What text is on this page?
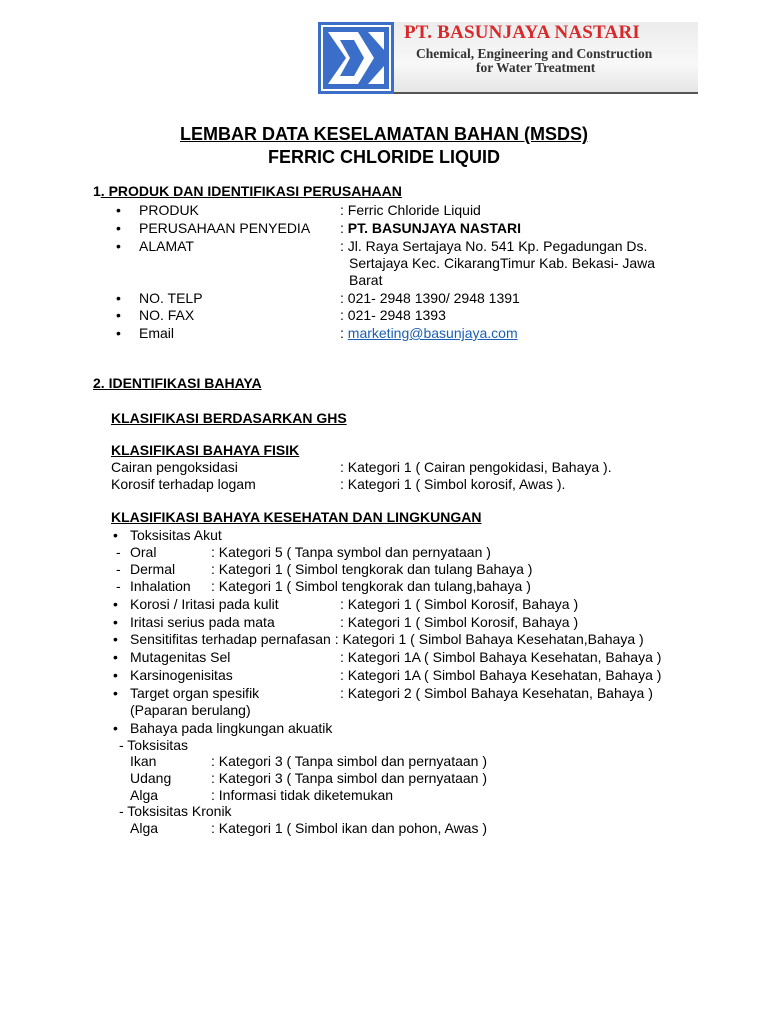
PT. BASUNJAYA NASTARI
Chemical, Engineering and Construction
for Water Treatment
LEMBAR DATA KESELAMATAN BAHAN (MSDS)
FERRIC CHLORIDE LIQUID
1. PRODUK DAN IDENTIFIKASI PERUSAHAAN
• PRODUK	: Ferric Chloride Liquid
• PERUSAHAAN PENYEDIA : PT. BASUNJAYA NASTARI
• ALAMAT	: Jl. Raya Sertajaya No. 541 Kp. Pegadungan Ds.
Sertajaya Kec. CikarangTimur Kab. Bekasi- Jawa
Barat
• NO. TELP	: 021- 2948 1390/ 2948 1391
• NO. FAX	: 021- 2948 1393
• Email	: marketing@basunjaya.com
2. IDENTIFIKASI BAHAYA
KLASIFIKASI BERDASARKAN GHS
KLASIFIKASI BAHAYA FISIK
Cairan pengoksidasi	: Kategori 1 ( Cairan pengokidasi, Bahaya ).
Korosif terhadap logam	: Kategori 1 ( Simbol korosif, Awas ).
KLASIFIKASI BAHAYA KESEHATAN DAN LINGKUNGAN
• Toksisitas Akut
- Oral	: Kategori 5 ( Tanpa symbol dan pernyataan )
- Dermal	: Kategori 1 ( Simbol tengkorak dan tulang Bahaya )
- Inhalation : Kategori 1 ( Simbol tengkorak dan tulang,bahaya )
• Korosi / Iritasi pada kulit	: Kategori 1 ( Simbol Korosif, Bahaya )
• Iritasi serius pada mata	: Kategori 1 ( Simbol Korosif, Bahaya )
• Sensitifitas terhadap pernafasan : Kategori 1 ( Simbol Bahaya Kesehatan,Bahaya )
• Mutagenitas Sel	: Kategori 1A ( Simbol Bahaya Kesehatan, Bahaya )
• Karsinogenisitas	: Kategori 1A ( Simbol Bahaya Kesehatan, Bahaya )
• Target organ spesifik	: Kategori 2 ( Simbol Bahaya Kesehatan, Bahaya )
(Paparan berulang)
• Bahaya pada lingkungan akuatik
- Toksisitas
Ikan	: Kategori 3 ( Tanpa simbol dan pernyataan )
Udang	: Kategori 3 ( Tanpa simbol dan pernyataan )
Alga	: Informasi tidak diketemukan
- Toksisitas Kronik
Alga	: Kategori 1 ( Simbol ikan dan pohon, Awas )
